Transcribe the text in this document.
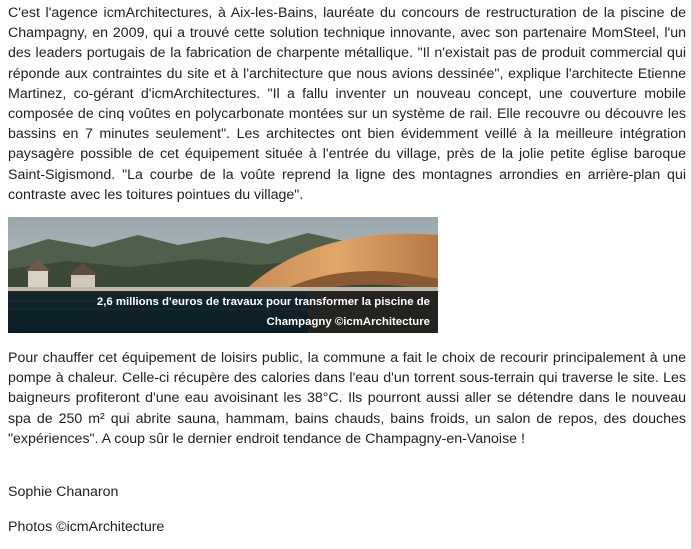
C'est l'agence icmArchitectures, à Aix-les-Bains, lauréate du concours de restructuration de la piscine de Champagny, en 2009, qui a trouvé cette solution technique innovante, avec son partenaire MomSteel, l'un des leaders portugais de la fabrication de charpente métallique. "Il n'existait pas de produit commercial qui réponde aux contraintes du site et à l'architecture que nous avions dessinée", explique l'architecte Etienne Martinez, co-gérant d'icmArchitectures. "Il a fallu inventer un nouveau concept, une couverture mobile composée de cinq voûtes en polycarbonate montées sur un système de rail. Elle recouvre ou découvre les bassins en 7 minutes seulement". Les architectes ont bien évidemment veillé à la meilleure intégration paysagère possible de cet équipement située à l'entrée du village, près de la jolie petite église baroque Saint-Sigismond. "La courbe de la voûte reprend la ligne des montagnes arrondies en arrière-plan qui contraste avec les toitures pointues du village".

2,6 millions d'euros de travaux pour transformer la piscine de Champagny ©icmArchitecture

Pour chauffer cet équipement de loisirs public, la commune a fait le choix de recourir principalement à une pompe à chaleur. Celle-ci récupère des calories dans l'eau d'un torrent sous-terrain qui traverse le site. Les baigneurs profiteront d'une eau avoisinant les 38°C. Ils pourront aussi aller se détendre dans le nouveau spa de 250 m² qui abrite sauna, hammam, bains chauds, bains froids, un salon de repos, des douches "expériences". A coup sûr le dernier endroit tendance de Champagny-en-Vanoise !

Sophie Chanaron

Photos ©icmArchitecture
